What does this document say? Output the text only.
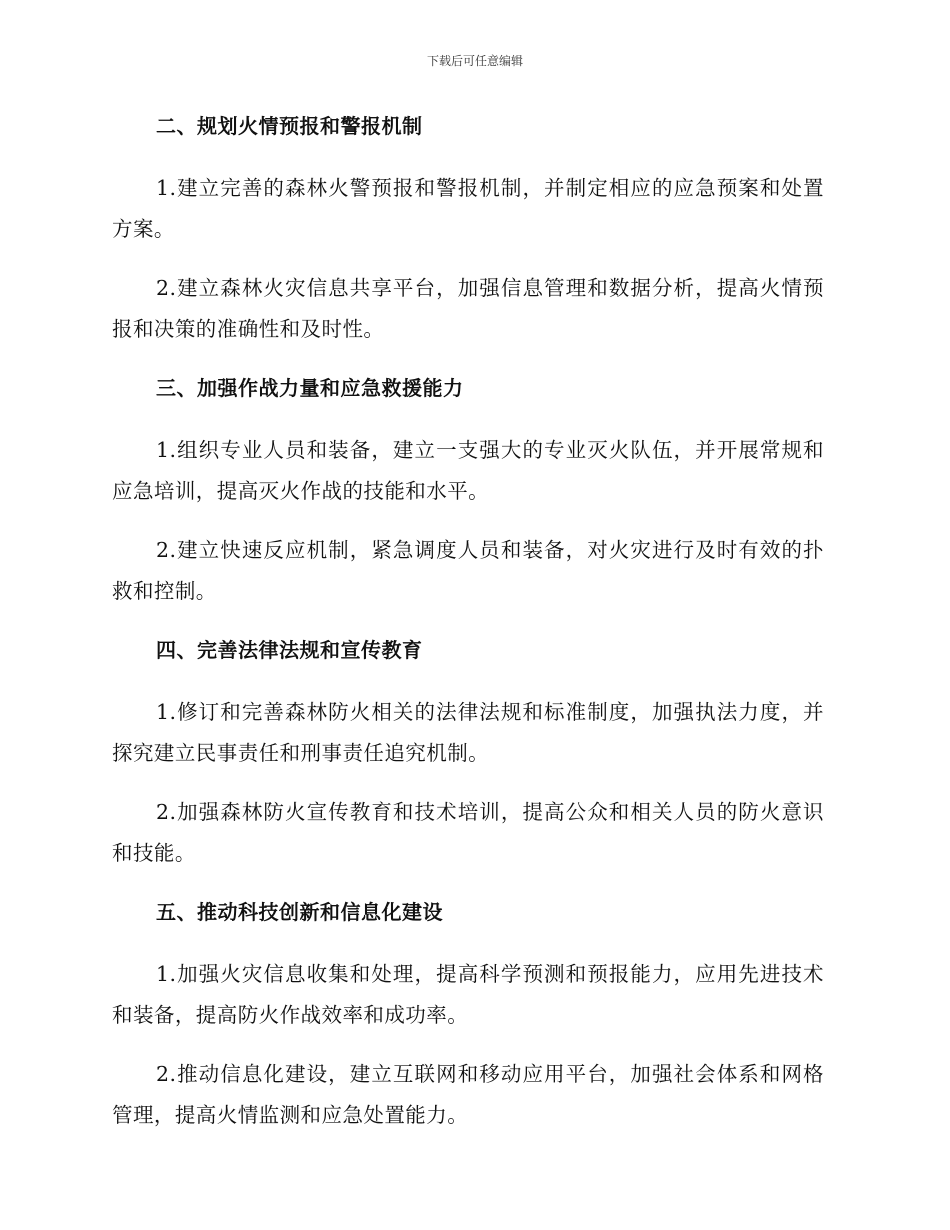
下载后可任意编辑

二、规划火情预报和警报机制

1.建立完善的森林火警预报和警报机制，并制定相应的应急预案和处置方案。

2.建立森林火灾信息共享平台，加强信息管理和数据分析，提高火情预报和决策的准确性和及时性。

三、加强作战力量和应急救援能力

1.组织专业人员和装备，建立一支强大的专业灭火队伍，并开展常规和应急培训，提高灭火作战的技能和水平。

2.建立快速反应机制，紧急调度人员和装备，对火灾进行及时有效的扑救和控制。

四、完善法律法规和宣传教育

1.修订和完善森林防火相关的法律法规和标准制度，加强执法力度，并探究建立民事责任和刑事责任追究机制。

2.加强森林防火宣传教育和技术培训，提高公众和相关人员的防火意识和技能。

五、推动科技创新和信息化建设

1.加强火灾信息收集和处理，提高科学预测和预报能力，应用先进技术和装备，提高防火作战效率和成功率。

2.推动信息化建设，建立互联网和移动应用平台，加强社会体系和网格管理，提高火情监测和应急处置能力。
